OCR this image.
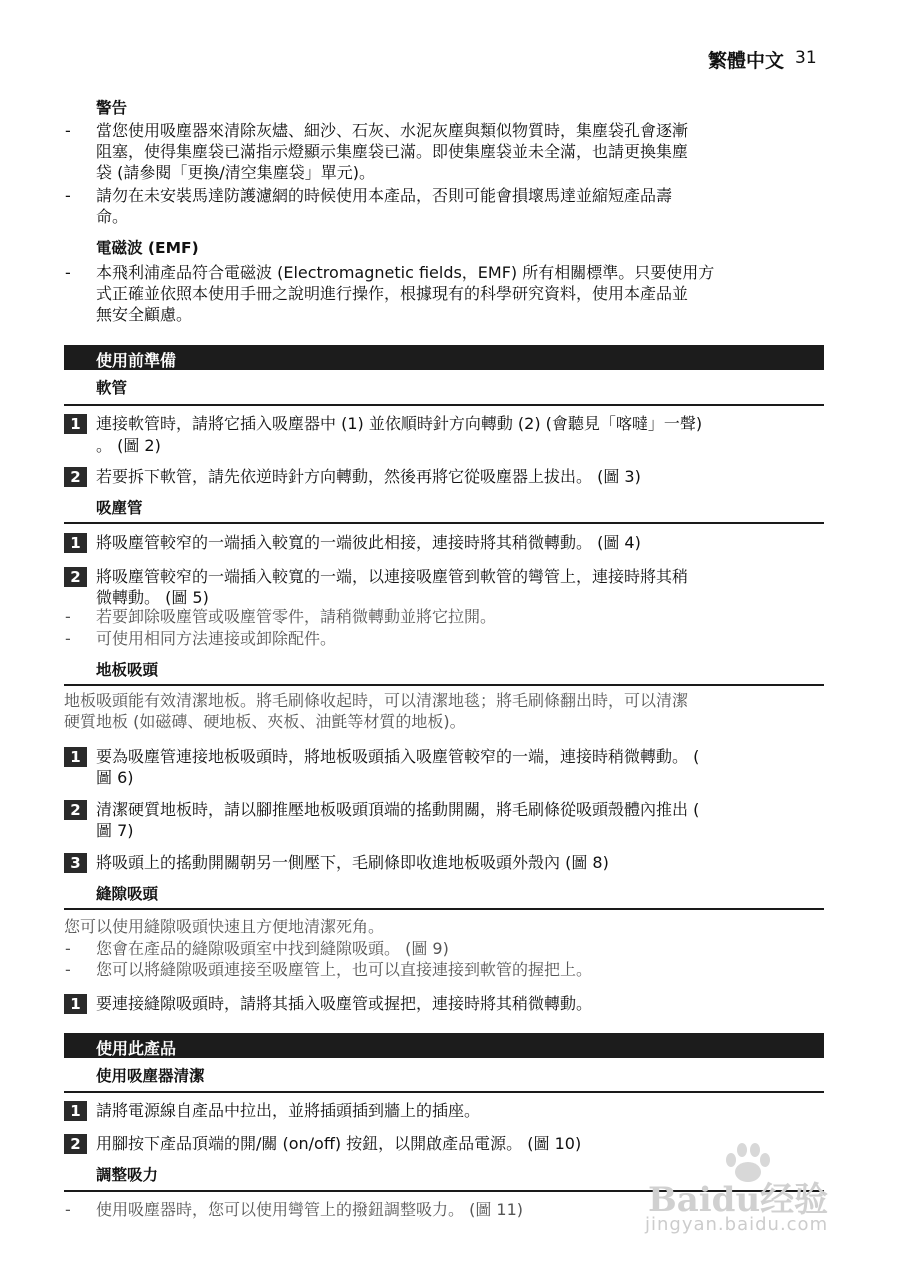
繁體中文 31
警告
- 當您使用吸塵器來清除灰燼、細沙、石灰、水泥灰塵與類似物質時，集塵袋孔會逐漸
阻塞，使得集塵袋已滿指示燈顯示集塵袋已滿。即使集塵袋並未全滿，也請更換集塵
袋 (請參閱「更換/清空集塵袋」單元)。
- 請勿在未安裝馬達防護濾網的時候使用本產品，否則可能會損壞馬達並縮短產品壽
命。
電磁波 (EMF)
- 本飛利浦產品符合電磁波 (Electromagnetic fields，EMF) 所有相關標準。只要使用方
式正確並依照本使用手冊之說明進行操作，根據現有的科學研究資料，使用本產品並
無安全顧慮。
使用前準備
軟管
1 連接軟管時，請將它插入吸塵器中 (1) 並依順時針方向轉動 (2) (會聽見「喀噠」一聲)
。 (圖 2)
2 若要拆下軟管，請先依逆時針方向轉動，然後再將它從吸塵器上拔出。 (圖 3)
吸塵管
1 將吸塵管較窄的一端插入較寬的一端彼此相接，連接時將其稍微轉動。 (圖 4)
2 將吸塵管較窄的一端插入較寬的一端，以連接吸塵管到軟管的彎管上，連接時將其稍
微轉動。 (圖 5)
- 若要卸除吸塵管或吸塵管零件，請稍微轉動並將它拉開。
- 可使用相同方法連接或卸除配件。
地板吸頭
地板吸頭能有效清潔地板。將毛刷條收起時，可以清潔地毯；將毛刷條翻出時，可以清潔
硬質地板 (如磁磚、硬地板、夾板、油氈等材質的地板)。
1 要為吸塵管連接地板吸頭時，將地板吸頭插入吸塵管較窄的一端，連接時稍微轉動。 (
圖 6)
2 清潔硬質地板時，請以腳推壓地板吸頭頂端的搖動開關，將毛刷條從吸頭殼體內推出 (
圖 7)
3 將吸頭上的搖動開關朝另一側壓下，毛刷條即收進地板吸頭外殼內 (圖 8)
縫隙吸頭
您可以使用縫隙吸頭快速且方便地清潔死角。
- 您會在產品的縫隙吸頭室中找到縫隙吸頭。 (圖 9)
- 您可以將縫隙吸頭連接至吸塵管上，也可以直接連接到軟管的握把上。
1 要連接縫隙吸頭時，請將其插入吸塵管或握把，連接時將其稍微轉動。
使用此產品
使用吸塵器清潔
1 請將電源線自產品中拉出，並將插頭插到牆上的插座。
2 用腳按下產品頂端的開/關 (on/off) 按鈕，以開啟產品電源。 (圖 10)
調整吸力
- 使用吸塵器時，您可以使用彎管上的撥鈕調整吸力。 (圖 11)	Baidu经验
jingyan.baidu.com
